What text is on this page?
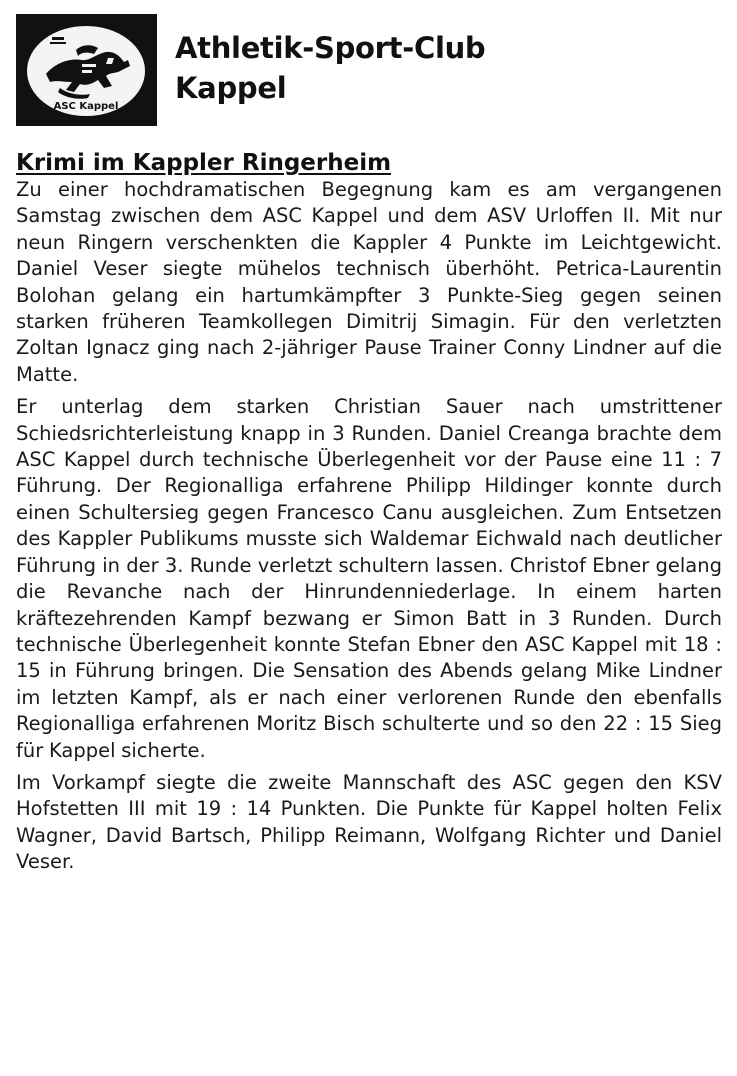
ASC Kappel
Athletik-Sport-Club
Kappel
Krimi im Kappler Ringerheim

Zu einer hochdramatischen Begegnung kam es am vergangenen Samstag zwischen dem ASC Kappel und dem ASV Urloffen II. Mit nur neun Ringern verschenkten die Kappler 4 Punkte im Leichtgewicht. Daniel Veser siegte mühelos technisch überhöht. Petrica-Laurentin Bolohan gelang ein hartumkämpfter 3 Punkte-Sieg gegen seinen starken früheren Teamkollegen Dimitrij Simagin. Für den verletzten Zoltan Ignacz ging nach 2-jähriger Pause Trainer Conny Lindner auf die Matte.

Er unterlag dem starken Christian Sauer nach umstrittener Schiedsrichterleistung knapp in 3 Runden. Daniel Creanga brachte dem ASC Kappel durch technische Überlegenheit vor der Pause eine 11 : 7 Führung. Der Regionalliga erfahrene Philipp Hildinger konnte durch einen Schultersieg gegen Francesco Canu ausgleichen. Zum Entsetzen des Kappler Publikums musste sich Waldemar Eichwald nach deutlicher Führung in der 3. Runde verletzt schultern lassen. Christof Ebner gelang die Revanche nach der Hinrundenniederlage. In einem harten kräftezehrenden Kampf bezwang er Simon Batt in 3 Runden. Durch technische Überlegenheit konnte Stefan Ebner den ASC Kappel mit 18 : 15 in Führung bringen. Die Sensation des Abends gelang Mike Lindner im letzten Kampf, als er nach einer verlorenen Runde den ebenfalls Regionalliga erfahrenen Moritz Bisch schulterte und so den 22 : 15 Sieg für Kappel sicherte.

Im Vorkampf siegte die zweite Mannschaft des ASC gegen den KSV Hofstetten III mit 19 : 14 Punkten. Die Punkte für Kappel holten Felix Wagner, David Bartsch, Philipp Reimann, Wolfgang Richter und Daniel Veser.
